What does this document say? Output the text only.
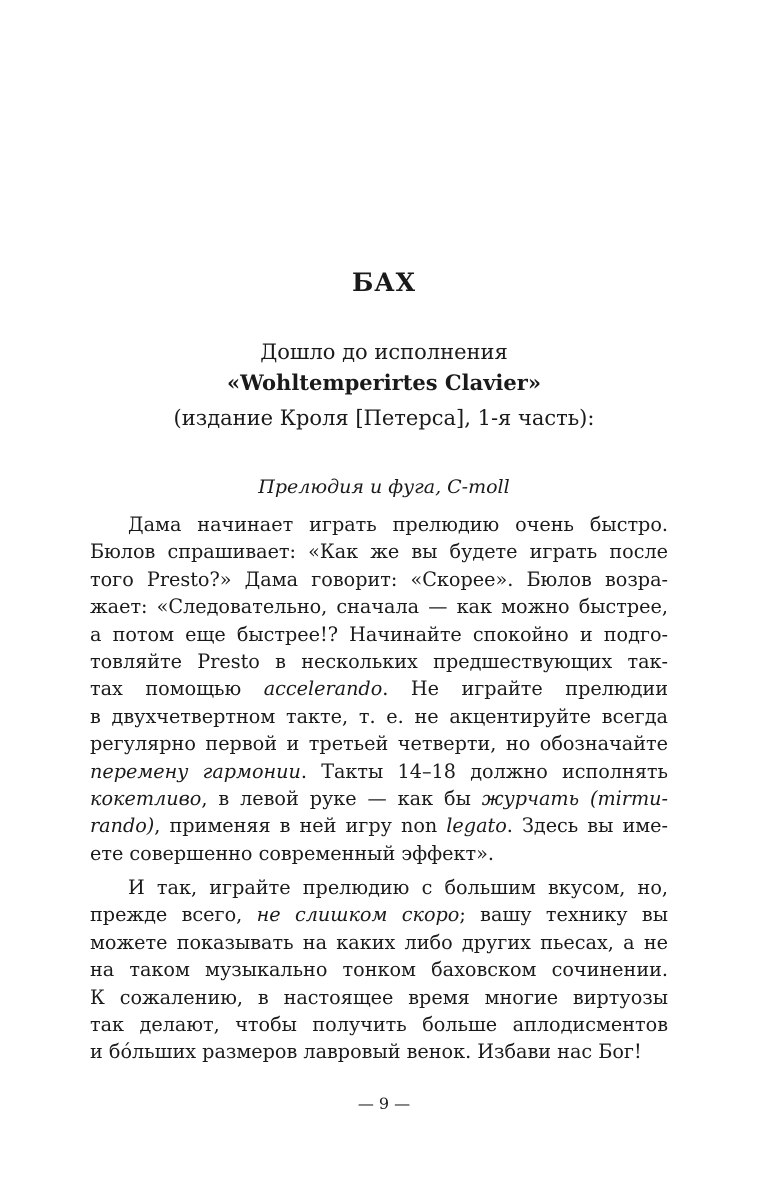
БАХ
Дошло до исполнения
«Wohltemperirtes Clavier»
(издание Кроля [Петерса], 1-я часть):
Прелюдия и фуга, C-moll
Дама начинает играть прелюдию очень быстро.
Бюлов спрашивает: «Как же вы будете играть после
того Presto?» Дама говорит: «Скорее». Бюлов возра-
жает: «Следовательно, сначала — как можно быстрее,
а потом еще быстрее!? Начинайте спокойно и подго-
товляйте Presto в нескольких предшествующих так-
тах помощью accelerando. Не играйте прелюдии
в двухчетвертном такте, т. е. не акцентируйте всегда
регулярно первой и третьей четверти, но обозначайте
перемену гармонии. Такты 14–18 должно исполнять
кокетливо, в левой руке — как бы журчать (mirmu-
rando), применяя в ней игру non legato. Здесь вы име-
ете совершенно современный эффект».
И так, играйте прелюдию с большим вкусом, но,
прежде всего, не слишком скоро; вашу технику вы
можете показывать на каких либо других пьесах, а не
на таком музыкально тонком баховском сочинении.
К сожалению, в настоящее время многие виртуозы
так делают, чтобы получить больше аплодисментов
и бóльших размеров лавровый венок. Избави нас Бог!
— 9 —
